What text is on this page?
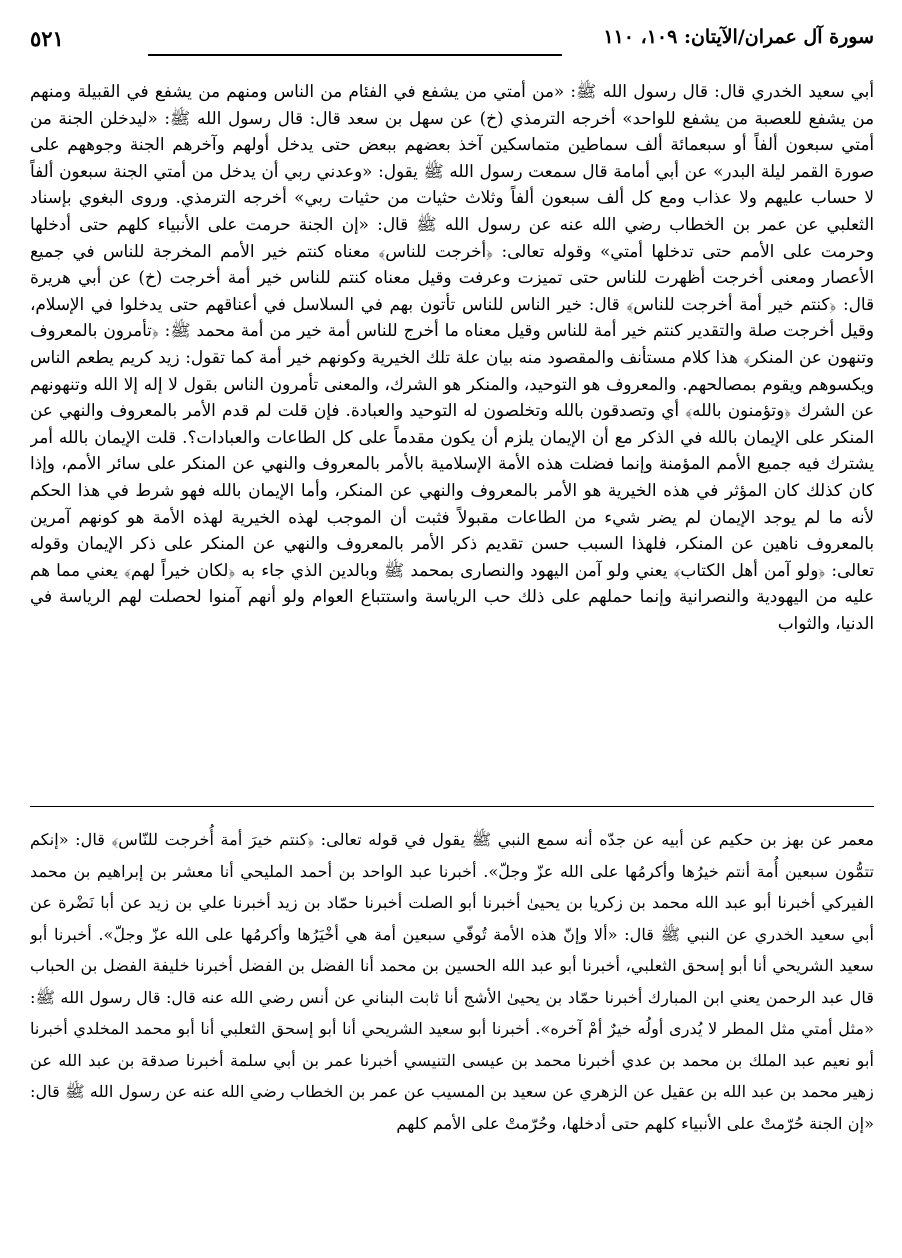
سورة آل عمران/الآيتان: ١٠٩، ١١٠
٥٢١

أبي سعيد الخدري قال: قال رسول الله ﷺ: «من أمتي من يشفع في الفئام من الناس ومنهم من يشفع في القبيلة ومنهم من يشفع للعصبة من يشفع للواحد» أخرجه الترمذي (خ) عن سهل بن سعد قال: قال رسول الله ﷺ: «ليدخلن الجنة من أمتي سبعون ألفاً أو سبعمائة ألف سماطين متماسكين آخذ بعضهم ببعض حتى يدخل أولهم وآخرهم الجنة وجوههم على صورة القمر ليلة البدر» عن أبي أمامة قال سمعت رسول الله ﷺ يقول: «وعدني ربي أن يدخل من أمتي الجنة سبعون ألفاً لا حساب عليهم ولا عذاب ومع كل ألف سبعون ألفاً وثلاث حثيات من حثيات ربي» أخرجه الترمذي. وروى البغوي بإسناد الثعلبي عن عمر بن الخطاب رضي الله عنه عن رسول الله ﷺ قال: «إن الجنة حرمت على الأنبياء كلهم حتى أدخلها وحرمت على الأمم حتى تدخلها أمتي» وقوله تعالى: ﴿أخرجت للناس﴾ معناه كنتم خير الأمم المخرجة للناس في جميع الأعصار ومعنى أخرجت أظهرت للناس حتى تميزت وعرفت وقيل معناه كنتم للناس خير أمة أخرجت (خ) عن أبي هريرة قال: ﴿كنتم خير أمة أخرجت للناس﴾ قال: خير الناس للناس تأتون بهم في السلاسل في أعناقهم حتى يدخلوا في الإسلام، وقيل أخرجت صلة والتقدير كنتم خير أمة للناس وقيل معناه ما أخرج للناس أمة خير من أمة محمد ﷺ: ﴿تأمرون بالمعروف وتنهون عن المنكر﴾ هذا كلام مستأنف والمقصود منه بيان علة تلك الخيرية وكونهم خير أمة كما تقول: زيد كريم يطعم الناس ويكسوهم ويقوم بمصالحهم. والمعروف هو التوحيد، والمنكر هو الشرك، والمعنى تأمرون الناس بقول لا إله إلا الله وتنهونهم عن الشرك ﴿وتؤمنون بالله﴾ أي وتصدقون بالله وتخلصون له التوحيد والعبادة. فإن قلت لم قدم الأمر بالمعروف والنهي عن المنكر على الإيمان بالله في الذكر مع أن الإيمان يلزم أن يكون مقدماً على كل الطاعات والعبادات؟. قلت الإيمان بالله أمر يشترك فيه جميع الأمم المؤمنة وإنما فضلت هذه الأمة الإسلامية بالأمر بالمعروف والنهي عن المنكر على سائر الأمم، وإذا كان كذلك كان المؤثر في هذه الخيرية هو الأمر بالمعروف والنهي عن المنكر، وأما الإيمان بالله فهو شرط في هذا الحكم لأنه ما لم يوجد الإيمان لم يضر شيء من الطاعات مقبولاً فثبت أن الموجب لهذه الخيرية لهذه الأمة هو كونهم آمرين بالمعروف ناهين عن المنكر، فلهذا السبب حسن تقديم ذكر الأمر بالمعروف والنهي عن المنكر على ذكر الإيمان وقوله تعالى: ﴿ولو آمن أهل الكتاب﴾ يعني ولو آمن اليهود والنصارى بمحمد ﷺ وبالدين الذي جاء به ﴿لكان خيراً لهم﴾ يعني مما هم عليه من اليهودية والنصرانية وإنما حملهم على ذلك حب الرياسة واستتباع العوام ولو أنهم آمنوا لحصلت لهم الرياسة في الدنيا، والثواب

معمر عن بهز بن حكيم عن أبيه عن جدّه أنه سمع النبي ﷺ يقول في قوله تعالى: ﴿كنتم خيرَ أمة أُخرجت للنّاس﴾ قال: «إنكم تتمُّون سبعين أُمة أنتم خيرُها وأكرمُها على الله عزّ وجلّ». أخبرنا عبد الواحد بن أحمد المليحي أنا معشر بن إبراهيم بن محمد الفيركي أخبرنا أبو عبد الله محمد بن زكريا بن يحيىٰ أخبرنا أبو الصلت أخبرنا حمّاد بن زيد أخبرنا علي بن زيد عن أبا نَضْرة عن أبي سعيد الخدري عن النبي ﷺ قال: «ألا وإنّ هذه الأمة تُوفّي سبعين أمة هي أخْيَرُها وأكرمُها على الله عزّ وجلّ». أخبرنا أبو سعيد الشريحي أنا أبو إسحق الثعلبي، أخبرنا أبو عبد الله الحسين بن محمد أنا الفضل بن الفضل أخبرنا خليفة الفضل بن الحباب قال عبد الرحمن يعني ابن المبارك أخبرنا حمّاد بن يحيىٰ الأشج أنا ثابت البناني عن أنس رضي الله عنه قال: قال رسول الله ﷺ: «مثل أمتي مثل المطر لا يُدرى أولُه خيرٌ أمْ آخره». أخبرنا أبو سعيد الشريحي أنا أبو إسحق الثعلبي أنا أبو محمد المخلدي أخبرنا أبو نعيم عبد الملك بن محمد بن عدي أخبرنا محمد بن عيسى التنيسي أخبرنا عمر بن أبي سلمة أخبرنا صدقة بن عبد الله عن زهير محمد بن عبد الله بن عقيل عن الزهري عن سعيد بن المسيب عن عمر بن الخطاب رضي الله عنه عن رسول الله ﷺ قال: «إن الجنة حُرّمتْ على الأنبياء كلهم حتى أدخلها، وحُرّمتْ على الأمم كلهم
